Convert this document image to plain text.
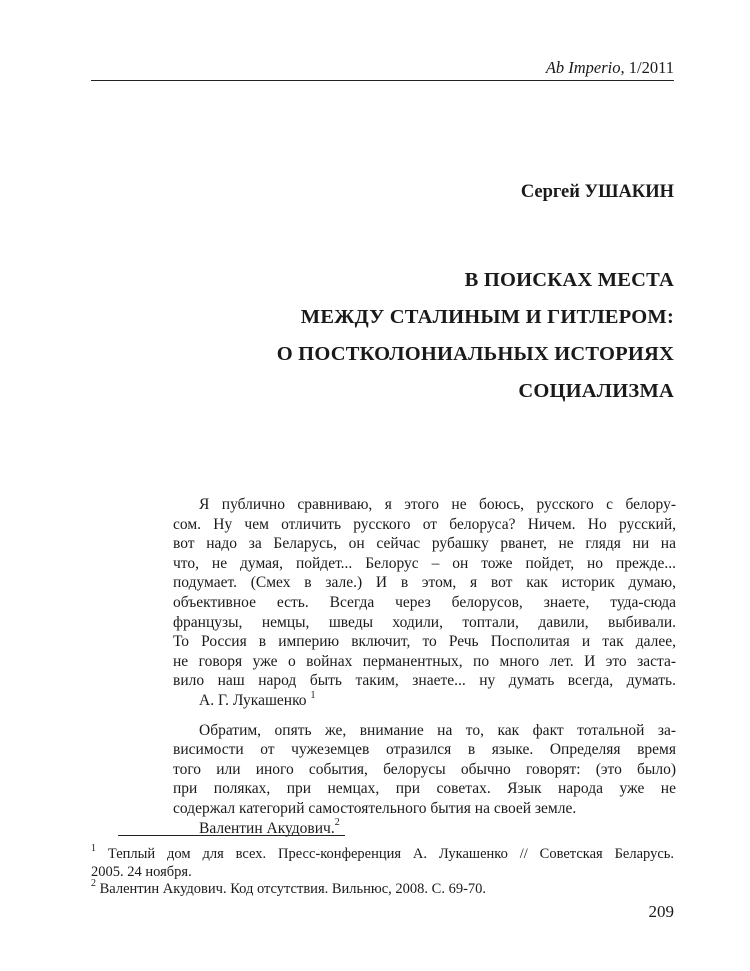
Ab Imperio, 1/2011
Сергей УШАКИН
В ПОИСКАХ МЕСТА
МЕЖДУ СТАЛИНЫМ И ГИТЛЕРОМ:
О ПОСТКОЛОНИАЛЬНЫХ ИСТОРИЯХ
СОЦИАЛИЗМА
Я публично сравниваю, я этого не боюсь, русского с белору-
сом. Ну чем отличить русского от белоруса? Ничем. Но русский,
вот надо за Беларусь, он сейчас рубашку рванет, не глядя ни на
что, не думая, пойдет... Белорус – он тоже пойдет, но прежде...
подумает. (Смех в зале.) И в этом, я вот как историк думаю,
объективное есть. Всегда через белорусов, знаете, туда-сюда
французы, немцы, шведы ходили, топтали, давили, выбивали.
То Россия в империю включит, то Речь Посполитая и так далее,
не говоря уже о войнах перманентных, по много лет. И это заста-
вило наш народ быть таким, знаете... ну думать всегда, думать.
А. Г. Лукашенко $^1$
Обратим, опять же, внимание на то, как факт тотальной за-
висимости от чужеземцев отразился в языке. Определяя время
того или иного события, белорусы обычно говорят: (это было)
при поляках, при немцах, при советах. Язык народа уже не
содержал категорий самостоятельного бытия на своей земле.
Валентин Акудович.$^2$
$^1$ Теплый дом для всех. Пресс-конференция А. Лукашенко // Советская Беларусь.
2005. 24 ноября.
$^2$ Валентин Акудович. Код отсутствия. Вильнюс, 2008. С. 69-70.
209
